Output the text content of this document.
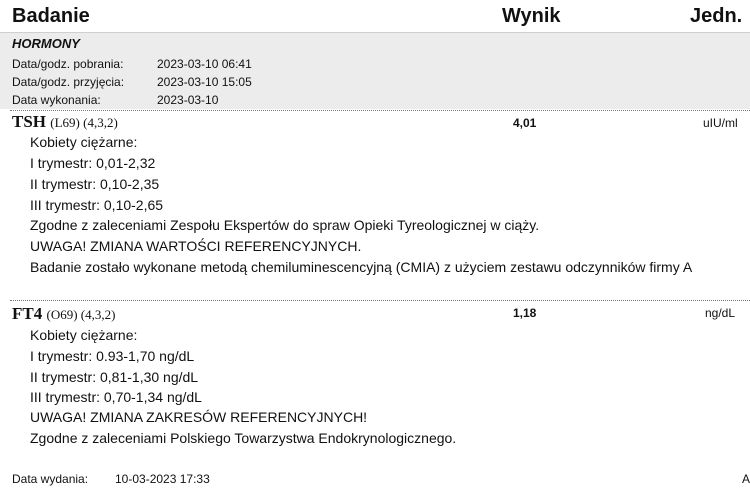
Badanie	Wynik	Jedn.
HORMONY
Data/godz. pobrania:	2023-03-10 06:41
Data/godz. przyjęcia:	2023-03-10 15:05
Data wykonania:	2023-03-10
TSH (L69) (4,3,2)	4,01	uIU/ml
Kobiety ciężarne:
I trymestr: 0,01-2,32
II trymestr: 0,10-2,35
III trymestr: 0,10-2,65
Zgodne z zaleceniami Zespołu Ekspertów do spraw Opieki Tyreologicznej w ciąży.
UWAGA! ZMIANA WARTOŚCI REFERENCYJNYCH.
Badanie zostało wykonane metodą chemiluminescencyjną (CMIA) z użyciem zestawu odczynników firmy A
FT4 (O69) (4,3,2)	1,18	ng/dL
Kobiety ciężarne:
I trymestr: 0.93-1,70 ng/dL
II trymestr: 0,81-1,30 ng/dL
III trymestr: 0,70-1,34 ng/dL
UWAGA! ZMIANA ZAKRESÓW REFERENCYJNYCH!
Zgodne z zaleceniami Polskiego Towarzystwa Endokrynologicznego.
Data wydania: 10-03-2023 17:33	A
